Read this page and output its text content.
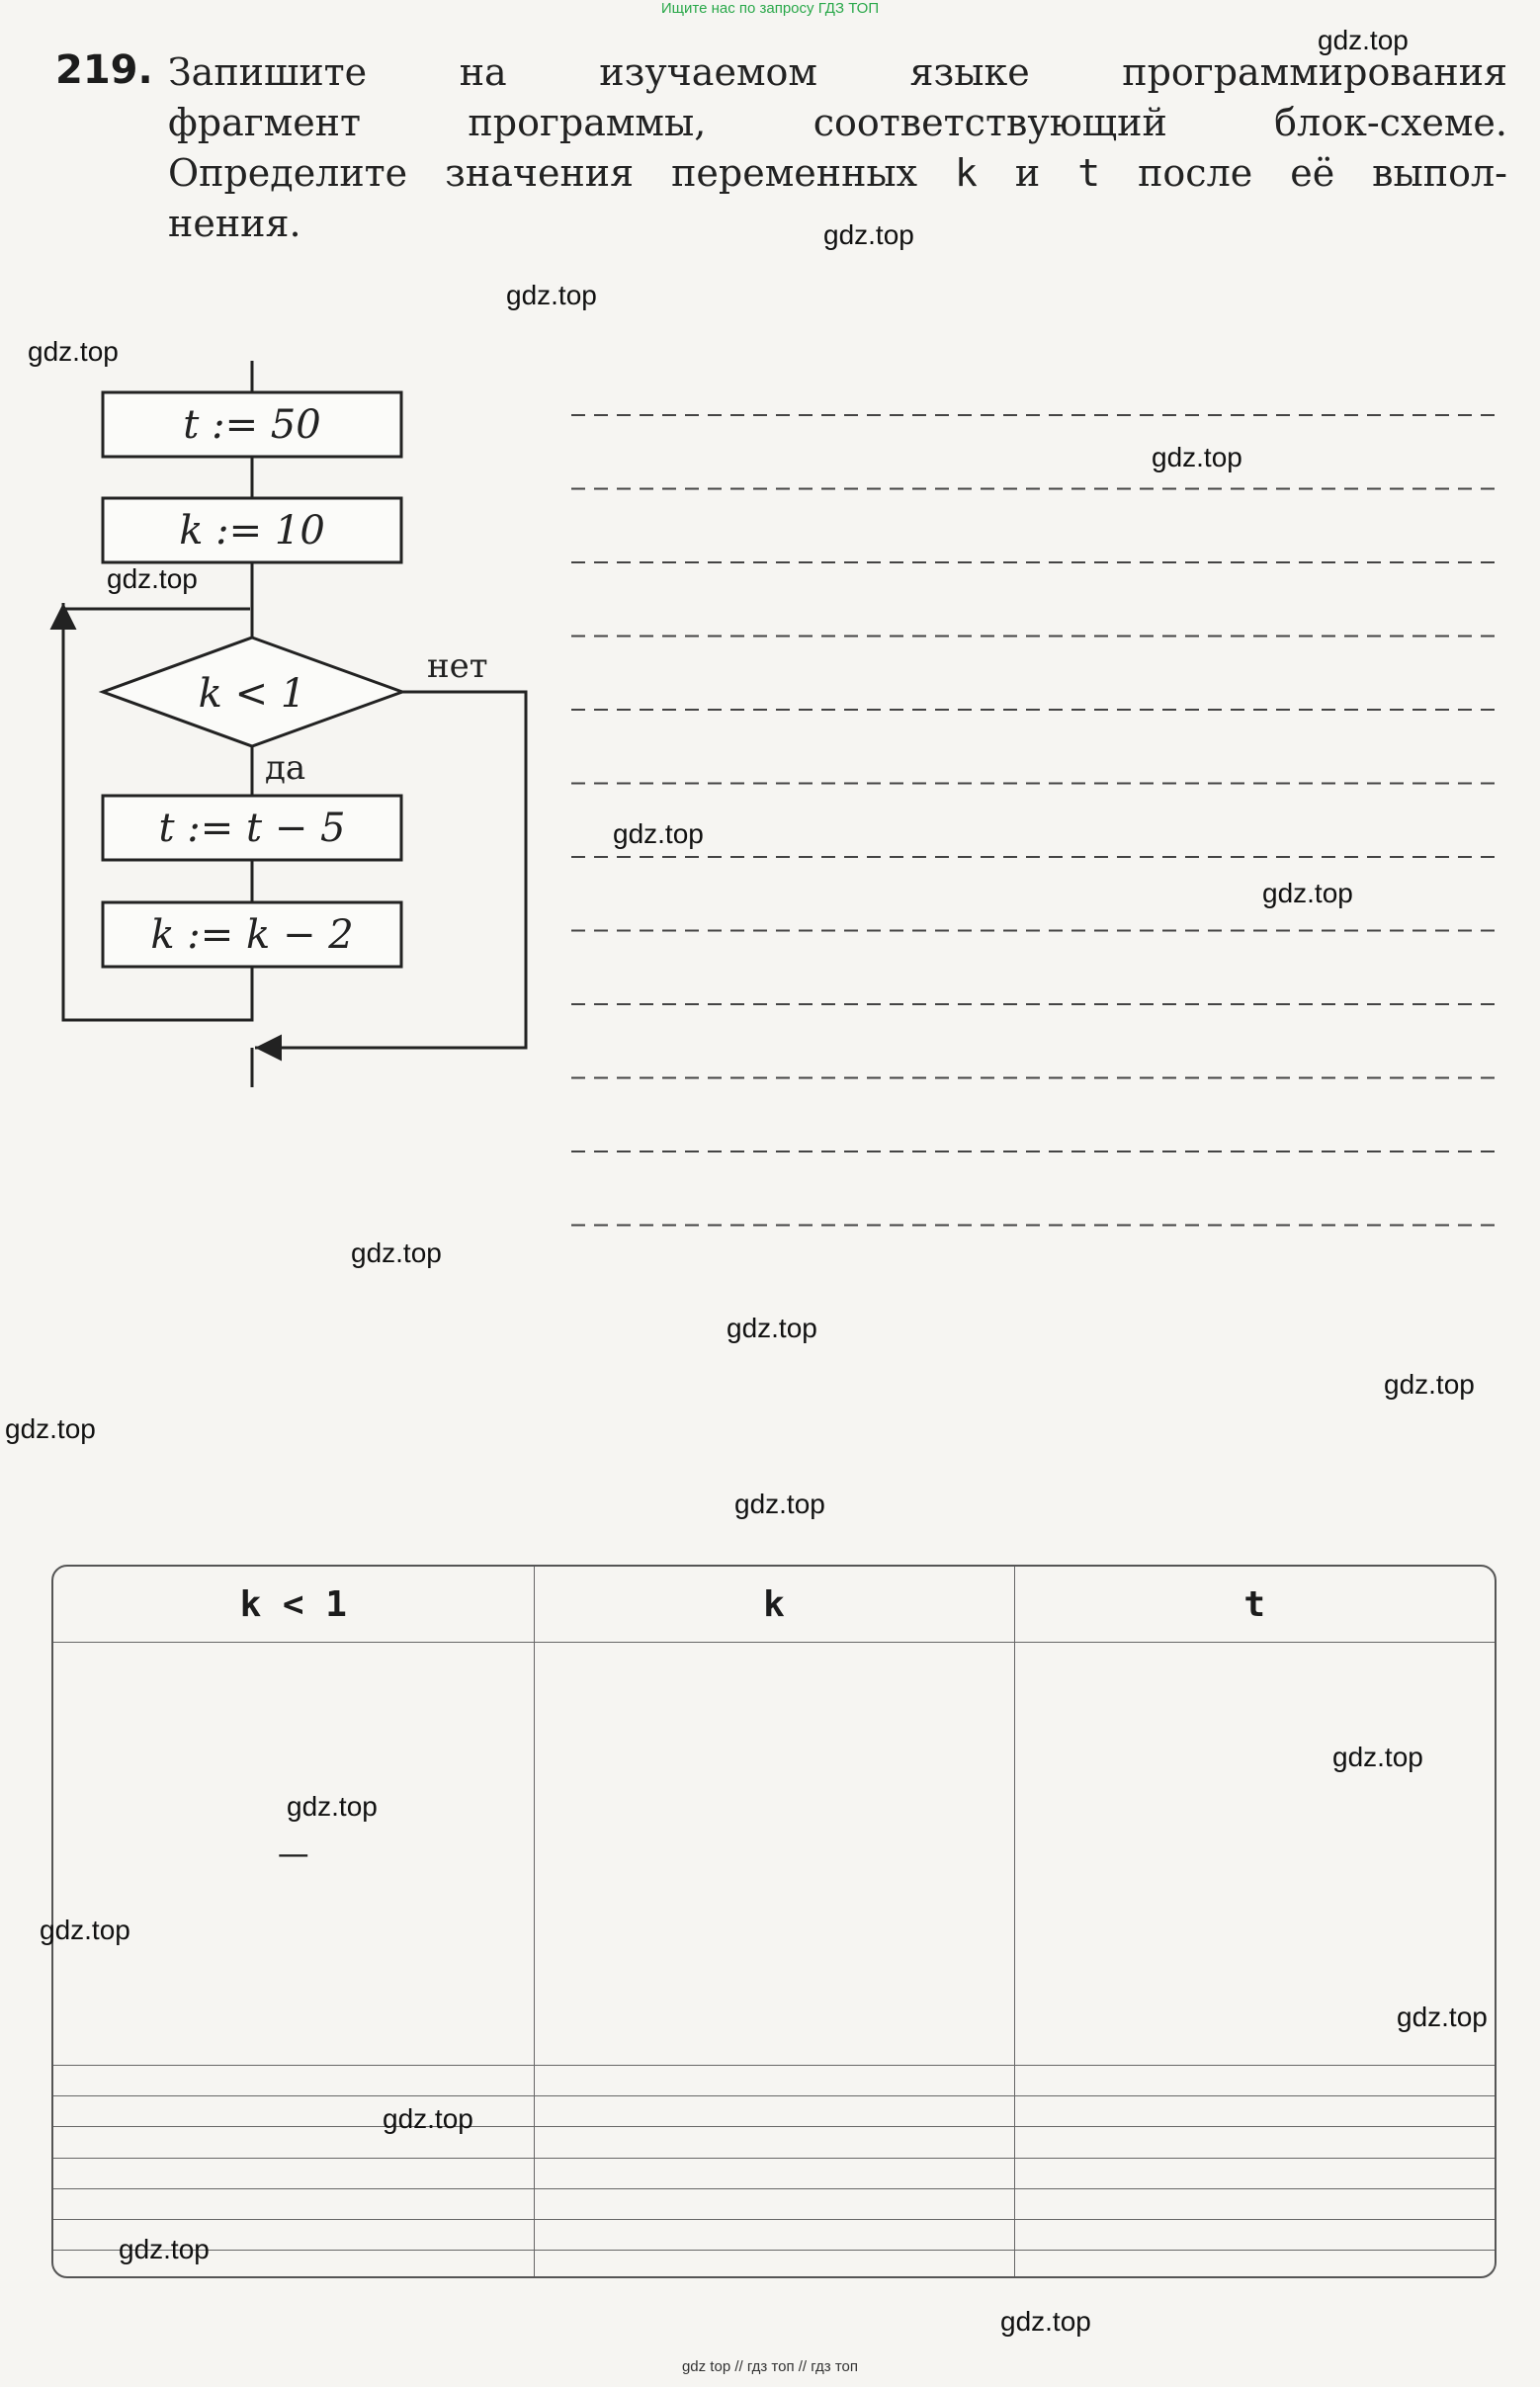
Ищите нас по запросу ГДЗ ТОП
219. Запишите на изучаемом языке программирования
фрагмент программы, соответствующий блок-схеме.
Определите значения переменных k и t после её выпол-
нения.
t := 50
k := 10
k < 1
t := t − 5
k := k − 2
да
нет
k < 1	k	t
—		

gdz.top
gdz.top
gdz.top
gdz.top
gdz.top
gdz.top
gdz.top
gdz.top
gdz.top
gdz.top
gdz.top
gdz.top
gdz.top
gdz.top
gdz.top
gdz.top
gdz.top
gdz.top
gdz.top
gdz.top
gdz top // гдз топ // гдз топ
